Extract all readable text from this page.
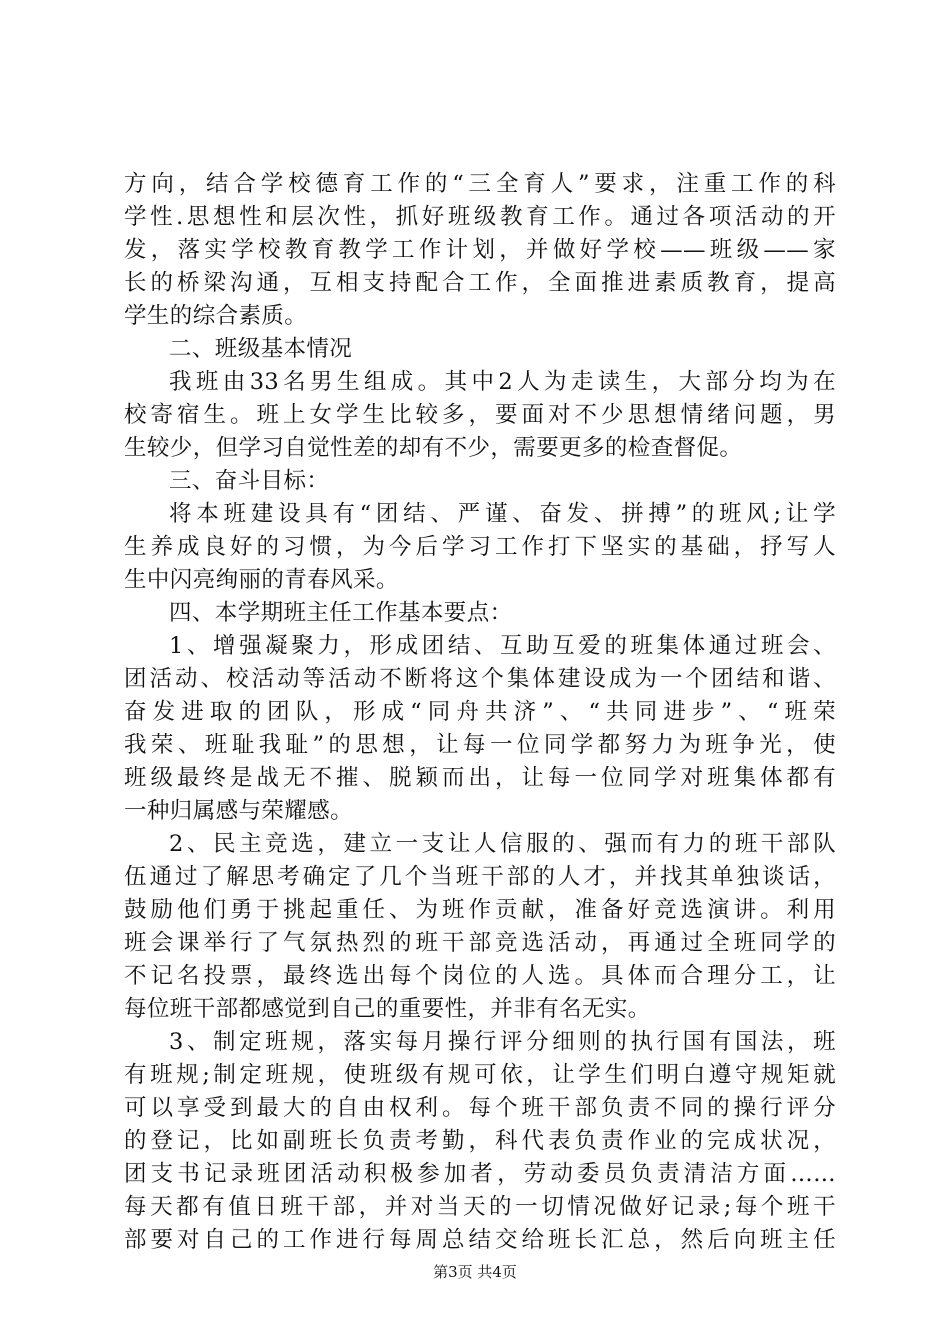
方向，结合学校德育工作的“三全育人”要求，注重工作的科
学性.思想性和层次性，抓好班级教育工作。通过各项活动的开
发，落实学校教育教学工作计划，并做好学校——班级——家
长的桥梁沟通，互相支持配合工作，全面推进素质教育，提高
学生的综合素质。
二、班级基本情况
我班由33名男生组成。其中2人为走读生，大部分均为在
校寄宿生。班上女学生比较多，要面对不少思想情绪问题，男
生较少，但学习自觉性差的却有不少，需要更多的检查督促。
三、奋斗目标：
将本班建设具有“团结、严谨、奋发、拼搏”的班风;让学
生养成良好的习惯，为今后学习工作打下坚实的基础，抒写人
生中闪亮绚丽的青春风采。
四、本学期班主任工作基本要点：
1、增强凝聚力，形成团结、互助互爱的班集体通过班会、
团活动、校活动等活动不断将这个集体建设成为一个团结和谐、
奋发进取的团队，形成“同舟共济”、“共同进步”、“班荣
我荣、班耻我耻”的思想，让每一位同学都努力为班争光，使
班级最终是战无不摧、脱颖而出，让每一位同学对班集体都有
一种归属感与荣耀感。
2、民主竞选，建立一支让人信服的、强而有力的班干部队
伍通过了解思考确定了几个当班干部的人才，并找其单独谈话，
鼓励他们勇于挑起重任、为班作贡献，准备好竞选演讲。利用
班会课举行了气氛热烈的班干部竞选活动，再通过全班同学的
不记名投票，最终选出每个岗位的人选。具体而合理分工，让
每位班干部都感觉到自己的重要性，并非有名无实。
3、制定班规，落实每月操行评分细则的执行国有国法，班
有班规;制定班规，使班级有规可依，让学生们明白遵守规矩就
可以享受到最大的自由权利。每个班干部负责不同的操行评分
的登记，比如副班长负责考勤，科代表负责作业的完成状况，
团支书记录班团活动积极参加者，劳动委员负责清洁方面……
每天都有值日班干部，并对当天的一切情况做好记录;每个班干
部要对自己的工作进行每周总结交给班长汇总，然后向班主任
第3页 共4页
